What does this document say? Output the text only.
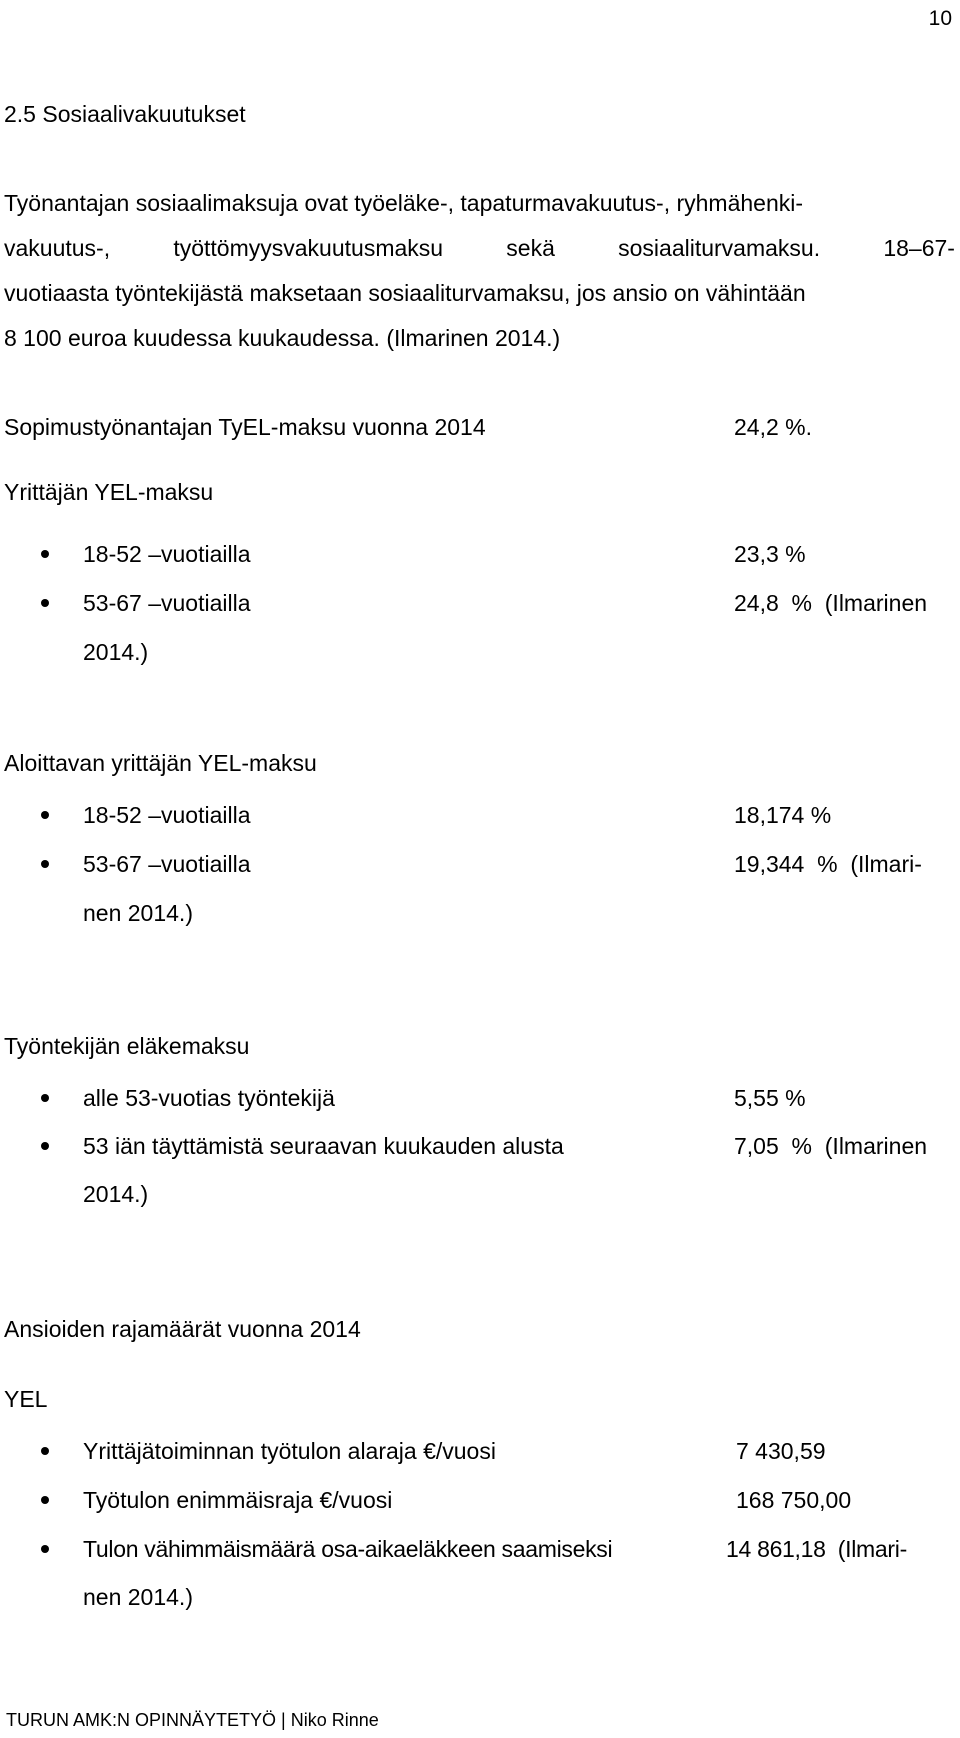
10
2.5 Sosiaalivakuutukset
Työnantajan sosiaalimaksuja ovat työeläke-, tapaturmavakuutus-, ryhmähenki-
vakuutus-,	työttömyysvakuutusmaksu	sekä	sosiaaliturvamaksu.	18–67-
vuotiaasta työntekijästä maksetaan sosiaaliturvamaksu, jos ansio on vähintään
8 100 euroa kuudessa kuukaudessa. (Ilmarinen 2014.)
Sopimustyönantajan TyEL-maksu vuonna 2014	24,2 %.
Yrittäjän YEL-maksu
18-52 –vuotiailla	23,3 %
53-67 –vuotiailla	24,8  %  (Ilmarinen
2014.)
Aloittavan yrittäjän YEL-maksu
18-52 –vuotiailla	18,174 %
53-67 –vuotiailla	19,344  %  (Ilmari-
nen 2014.)
Työntekijän eläkemaksu
alle 53-vuotias työntekijä	5,55 %
53 iän täyttämistä seuraavan kuukauden alusta	7,05  %  (Ilmarinen
2014.)
Ansioiden rajamäärät vuonna 2014
YEL
Yrittäjätoiminnan työtulon alaraja €/vuosi	7 430,59
Työtulon enimmäisraja €/vuosi	168 750,00
Tulon vähimmäismäärä osa-aikaeläkkeen saamiseksi	14 861,18  (Ilmari-
nen 2014.)
TURUN AMK:N OPINNÄYTETYÖ | Niko Rinne
